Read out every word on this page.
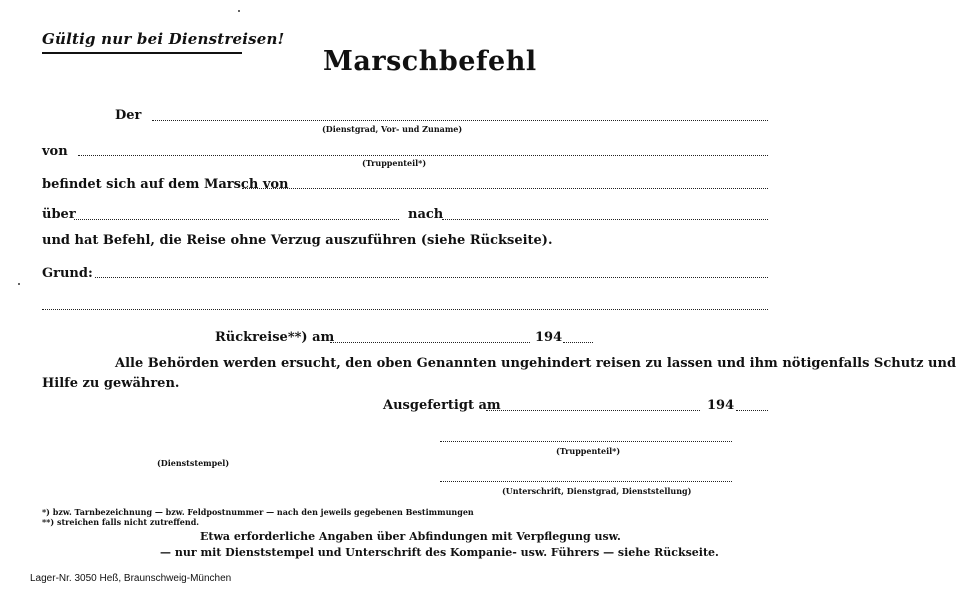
Gültig nur bei Dienstreisen!
Marschbefehl
Der
(Dienstgrad, Vor- und Zuname)
von
(Truppenteil*)
befindet sich auf dem Marsch von
über	nach
und hat Befehl, die Reise ohne Verzug auszuführen (siehe Rückseite).
Grund:
Rückreise**) am	194
Alle Behörden werden ersucht, den oben Genannten ungehindert reisen zu lassen und ihm nötigenfalls Schutz und
Hilfe zu gewähren.
Ausgefertigt am	194
(Truppenteil*)
(Dienststempel)
(Unterschrift, Dienstgrad, Dienststellung)
*) bzw. Tarnbezeichnung — bzw. Feldpostnummer — nach den jeweils gegebenen Bestimmungen
**) streichen falls nicht zutreffend.
Etwa erforderliche Angaben über Abfindungen mit Verpflegung usw.
— nur mit Dienststempel und Unterschrift des Kompanie- usw. Führers — siehe Rückseite.
Lager-Nr. 3050 Heß, Braunschweig-München
